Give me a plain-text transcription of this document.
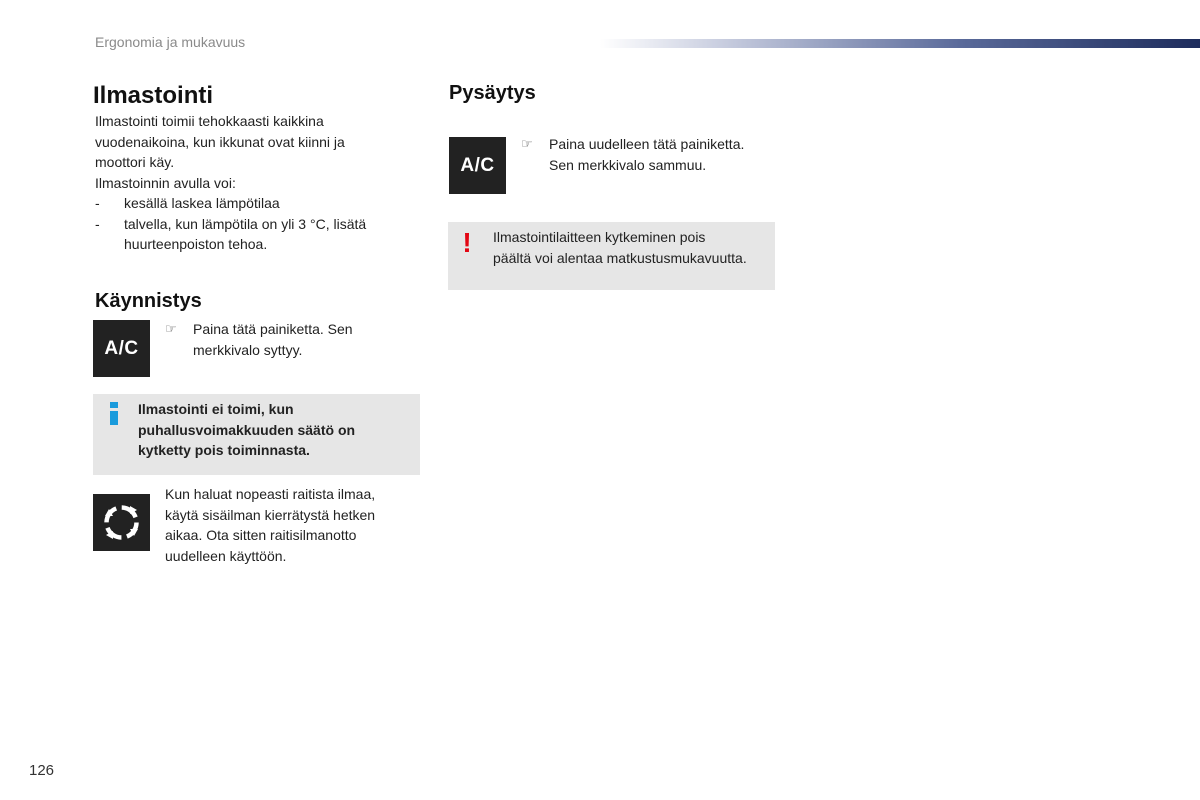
Ergonomia ja mukavuus
Ilmastointi

Ilmastointi toimii tehokkaasti kaikkina

vuodenaikoina, kun ikkunat ovat kiinni ja

moottori käy.

Ilmastoinnin avulla voi:

- kesällä laskea lämpötilaa
- talvella, kun lämpötila on yli 3 °C, lisätä
huurteenpoiston tehoa.
Käynnistys
A/C
☞	Paina tätä painiketta. Sen
merkkivalo syttyy.
Ilmastointi ei toimi, kun
puhallusvoimakkuuden säätö on
kytketty pois toiminnasta.
Kun haluat nopeasti raitista ilmaa,
käytä sisäilman kierrätystä hetken
aikaa. Ota sitten raitisilmanotto
uudelleen käyttöön.
Pysäytys
A/C
☞	Paina uudelleen tätä painiketta.
Sen merkkivalo sammuu.
! Ilmastointilaitteen kytkeminen pois
päältä voi alentaa matkustusmukavuutta.
126
